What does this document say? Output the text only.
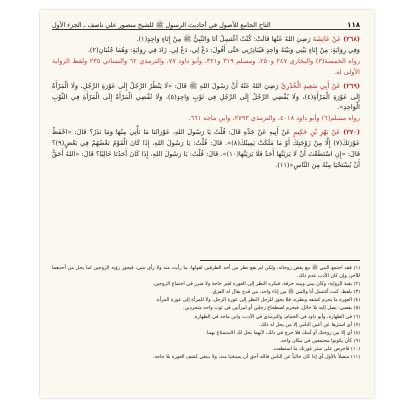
١١٨
التاج الجامع للأصول في أحاديث الرسول ﷺ للشيخ منصور علي ناصف ـ الجزء الأول

(٢٦٨) عَنْ عَائِشَةَ رَضِيَ اللهُ عَنْهَا قَالَتْ: كُنْتُ أَغْتَسِلُ أَنَا وَالنَّبِيُّ ﷺ مِنْ إِنَاءٍ وَاحِدٍ(١).

وَفِي رِوَايَةٍ: مِنْ إِنَاءٍ بَيْنِي وَبَيْنَهُ وَاحِدٍ فَيُبَادِرُنِي حَتَّى أَقُولَ: دَعْ لِي، دَعْ لِي. زَادَ فِي رِوَايَةٍ: وَهُمَا جُنُبَانِ(٢).

رواه الخمسة(٣) والبخاري ٢٤٧ و٢٥٠، ومسلم ٣١٩ و٣٢١، وأبو داود ٧٧، والترمذي ٦٢ والنسائي ٢٣٥ ولفظ الرواية الأولى له.

(٢٦٩) عَنْ أَبِي سَعِيدٍ الْخُدْرِيِّ رَضِيَ اللهُ عَنْهُ أَنَّ رَسُولَ اللهِ ﷺ قَالَ: «لَا يَنْظُرُ الرَّجُلُ إِلَى عَوْرَةِ الرَّجُلِ، وَلَا الْمَرْأَةُ إِلَى عَوْرَةِ الْمَرْأَةِ(٤)، وَلَا يُفْضِي الرَّجُلُ إِلَى الرَّجُلِ فِي ثَوْبٍ وَاحِدٍ(٥)، وَلَا تُفْضِي الْمَرْأَةُ إِلَى الْمَرْأَةِ فِي الثَّوْبِ الْوَاحِدِ».

رواه مسلم(٦) وأبو داود ٤٠١٨، والترمذي ٢٧٩٣، وابن ماجه ٦٦١.

(٢٧٠) عَنْ بَهْزِ بْنِ حَكِيمٍ عَنْ أَبِيهِ عَنْ جَدِّهِ قَالَ: قُلْتُ يَا رَسُولَ اللهِ، عَوْرَاتُنَا مَا نَأْتِي مِنْهَا وَمَا نَذَرُ؟ قَالَ: «احْفَظْ عَوْرَتَكَ(٧) إِلَّا مِنْ زَوْجَتِكَ أَوْ مَا مَلَكَتْ يَمِينُكَ(٨)». قَالَ: قُلْتُ: يَا رَسُولَ اللهِ، إِذَا كَانَ الْقَوْمُ بَعْضُهُمْ فِي بَعْضٍ(٩)؟ قَالَ: «إِنِ اسْتَطَعْتَ أَنْ لَا يَرَيَنَّهَا أَحَدٌ فَلَا يَرَيَنَّهَا(١٠)». قَالَ: قُلْتُ: يَا رَسُولَ اللهِ، إِذَا كَانَ أَحَدُنَا خَالِيًا؟ قَالَ: «اللهُ أَحَقُّ أَنْ يُسْتَحْيَا مِنْهُ مِنَ النَّاسِ»(١١).

(١) فقد اجتمع النبي ﷺ مع بعض زوجاته، ولكن لم يقع نظر من أحد الطرفين لقولها: ما رأيت منه ولا رأى مني، فيجوز رؤية الزوجين لما يحل من أحدهما للآخر، وإن كان الأدب عدم ذلك.

(٢) بقية الرواية: وكان بيني وبينه خرقة، فيكره النظر إلى العورة لغير حاجة ولا ضرر في اجتماع الزوجين.

(٣) بلفظ: كنت أغتسل أنا والنبي ﷺ من إناء واحد، من قدح يقال له الفرق.

(٤) العورة ما يحرم كشفه ونظره، فلا يجوز للرجل النظر إلى عورة الرجل، ولا للمرأة إلى عورة المرأة.

(٥) يفضي: يصل إليه بلا حائل، فيحرم اضطجاع رجلين أو امرأتين في ثوب واحد متجردين.

(٦) في الطهارة، وأبو داود في الحمام، والترمذي في الأدب، وابن ماجه في الطهارة.

(٧) أي استرها عن أعين الناس إلا من يحل له ذلك.

(٨) أي إلا من زوجتك أو أمتك فلا حرج في ذلك، لأنهما يحل لك الاستمتاع بهما.

(٩) كأن يكونوا مجتمعين في مكان واحد.

(١٠) فاحرص على ستر عورتك ما استطعت.

(١١) متصلاً بالأول أي إذا كان خالياً عن الناس فالله أحق أن يستحيا منه، ولا ينبغي كشف العورة بلا حاجة.
